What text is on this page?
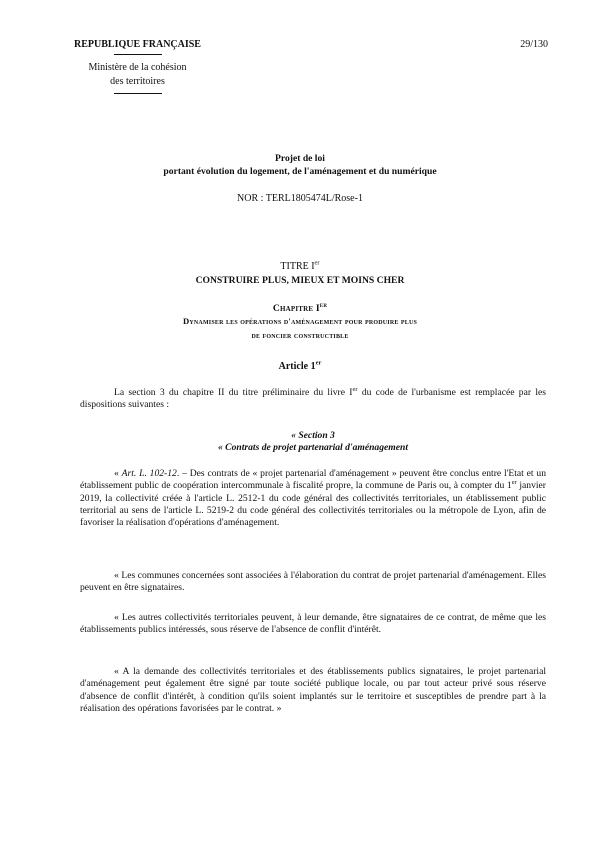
REPUBLIQUE FRANÇAISE
Ministère de la cohésion
des territoires
29/130
Projet de loi
portant évolution du logement, de l'aménagement et du numérique
NOR : TERL1805474L/Rose-1
TITRE Ier
CONSTRUIRE PLUS, MIEUX ET MOINS CHER
Chapitre Ier
Dynamiser les opérations d'aménagement pour produire plus
de foncier constructible
Article 1er

La section 3 du chapitre II du titre préliminaire du livre Ier du code de l'urbanisme est remplacée par les dispositions suivantes :

« Section 3

« Contrats de projet partenarial d'aménagement

« Art. L. 102-12. – Des contrats de « projet partenarial d'aménagement » peuvent être conclus entre l'Etat et un établissement public de coopération intercommunale à fiscalité propre, la commune de Paris ou, à compter du 1er janvier 2019, la collectivité créée à l'article L. 2512-1 du code général des collectivités territoriales, un établissement public territorial au sens de l'article L. 5219-2 du code général des collectivités territoriales ou la métropole de Lyon, afin de favoriser la réalisation d'opérations d'aménagement.

« Les communes concernées sont associées à l'élaboration du contrat de projet partenarial d'aménagement. Elles peuvent en être signataires.

« Les autres collectivités territoriales peuvent, à leur demande, être signataires de ce contrat, de même que les établissements publics intéressés, sous réserve de l'absence de conflit d'intérêt.

« A la demande des collectivités territoriales et des établissements publics signataires, le projet partenarial d'aménagement peut également être signé par toute société publique locale, ou par tout acteur privé sous réserve d'absence de conflit d'intérêt, à condition qu'ils soient implantés sur le territoire et susceptibles de prendre part à la réalisation des opérations favorisées par le contrat. »
